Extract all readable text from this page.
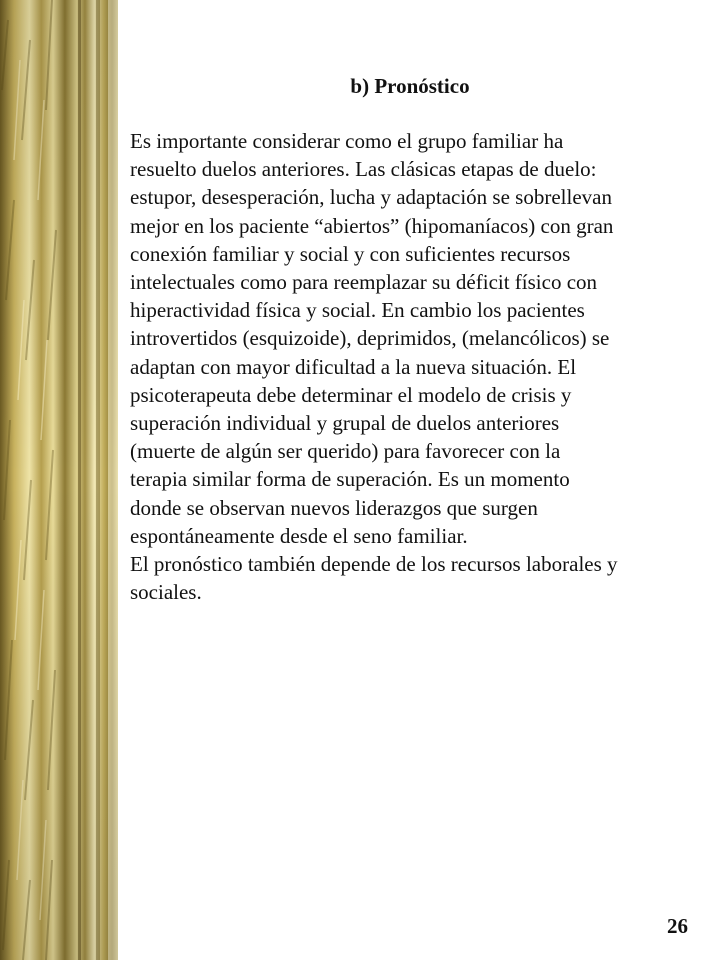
b) Pronóstico
Es importante considerar como el grupo familiar ha
resuelto duelos anteriores. Las clásicas etapas de duelo:
estupor, desesperación, lucha y adaptación se sobrellevan
mejor en los paciente “abiertos” (hipomaníacos) con gran
conexión familiar y social y con suficientes recursos
intelectuales como para reemplazar su déficit físico con
hiperactividad física y social. En cambio los pacientes
introvertidos (esquizoide), deprimidos, (melancólicos) se
adaptan con mayor dificultad a la nueva situación. El
psicoterapeuta debe determinar el modelo de crisis y
superación individual y grupal de duelos anteriores
(muerte de algún ser querido) para favorecer con la
terapia similar forma de superación. Es un momento
donde se observan nuevos liderazgos que surgen
espontáneamente desde el seno familiar.
El pronóstico también depende de los recursos laborales y
sociales.
26
